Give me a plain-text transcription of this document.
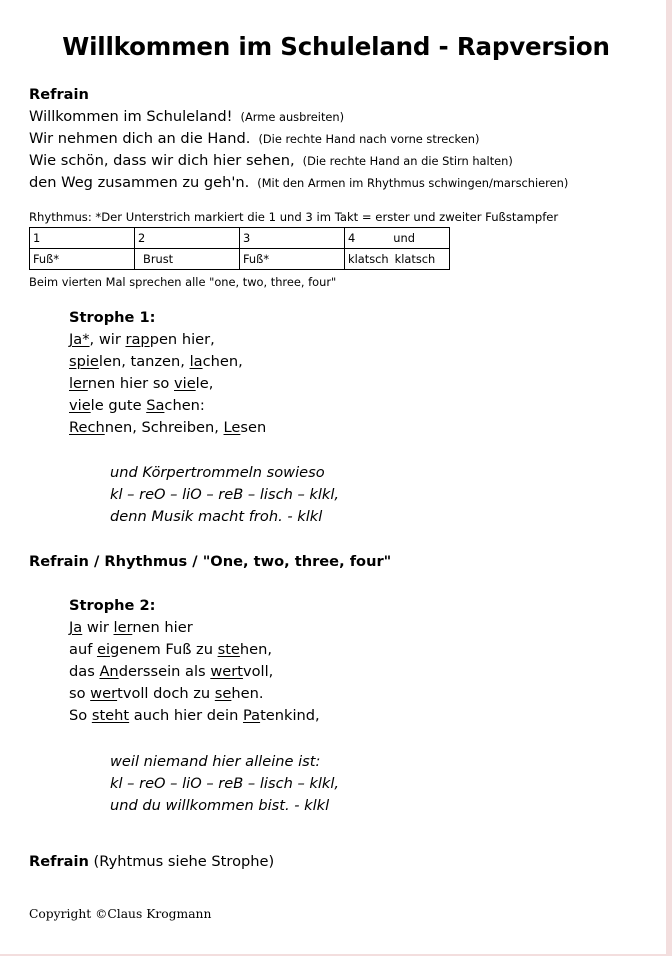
Willkommen im Schuleland - Rapversion
Refrain
Willkommen im Schuleland! (Arme ausbreiten)
Wir nehmen dich an die Hand. (Die rechte Hand nach vorne strecken)
Wie schön, dass wir dich hier sehen, (Die rechte Hand an die Stirn halten)
den Weg zusammen zu geh'n. (Mit den Armen im Rhythmus schwingen/marschieren)
Rhythmus: *Der Unterstrich markiert die 1 und 3 im Takt = erster und zweiter Fußstampfer
1	2	3	4 und
Fuß*	Brust	Fuß*	klatsch klatsch
Beim vierten Mal sprechen alle "one, two, three, four"
Strophe 1:
Ja*, wir rappen hier,
spielen, tanzen, lachen,
lernen hier so viele,
viele gute Sachen:
Rechnen, Schreiben, Lesen
und Körpertrommeln sowieso
kl – reO – liO – reB – lisch – klkl,
denn Musik macht froh. - klkl
Refrain / Rhythmus / "One, two, three, four"
Strophe 2:
Ja wir lernen hier
auf eigenem Fuß zu stehen,
das Anderssein als wertvoll,
so wertvoll doch zu sehen.
So steht auch hier dein Patenkind,
weil niemand hier alleine ist:
kl – reO – liO – reB – lisch – klkl,
und du willkommen bist. - klkl
Refrain (Ryhtmus siehe Strophe)
Copyright ©Claus Krogmann
